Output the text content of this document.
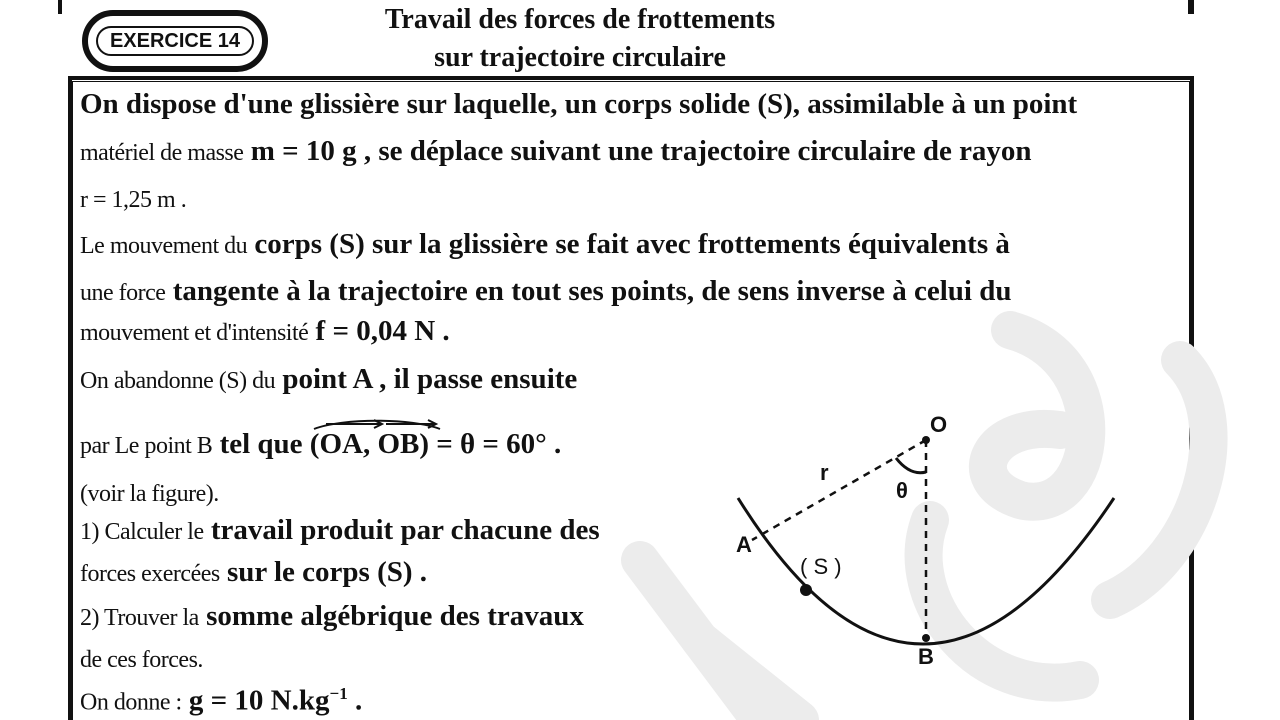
EXERCICE 14
Travail des forces de frottements
sur trajectoire circulaire
On dispose d'une glissière sur laquelle, un corps solide (S), assimilable à un point
matériel de masse m = 10 g , se déplace suivant une trajectoire circulaire de rayon
r = 1,25 m .
Le mouvement du corps (S) sur la glissière se fait avec frottements équivalents à
une force tangente à la trajectoire en tout ses points, de sens inverse à celui du
mouvement et d'intensité f = 0,04 N .
On abandonne (S) du point A , il passe ensuite
par Le point B tel que
(OA, OB) = θ = 60° .
(voir la figure).
1) Calculer le travail produit par chacune des
forces exercées sur le corps (S) .
2) Trouver la somme algébrique des travaux
de ces forces.
On donne : g = 10 $N.kg^{-1}$ .
O
r
θ
A
( S )
B
